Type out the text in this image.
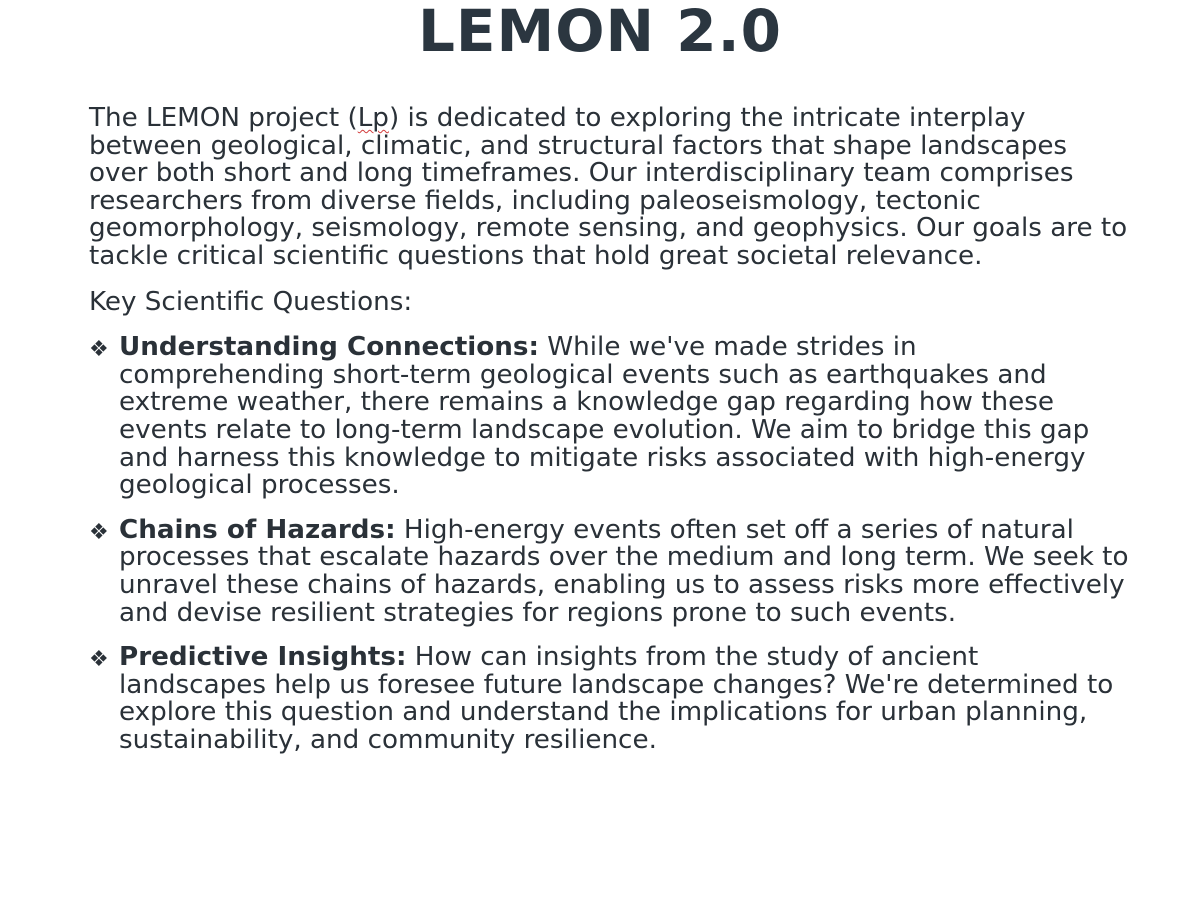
LEMON 2.0

The LEMON project (Lp) is dedicated to exploring the intricate interplay between geological, climatic, and structural factors that shape landscapes over both short and long timeframes. Our interdisciplinary team comprises researchers from diverse fields, including paleoseismology, tectonic geomorphology, seismology, remote sensing, and geophysics. Our goals are to tackle critical scientific questions that hold great societal relevance.

Key Scientific Questions:

❖ Understanding Connections: While we've made strides in comprehending short-term geological events such as earthquakes and extreme weather, there remains a knowledge gap regarding how these events relate to long-term landscape evolution. We aim to bridge this gap and harness this knowledge to mitigate risks associated with high-energy geological processes.
❖ Chains of Hazards: High-energy events often set off a series of natural processes that escalate hazards over the medium and long term. We seek to unravel these chains of hazards, enabling us to assess risks more effectively and devise resilient strategies for regions prone to such events.
❖ Predictive Insights: How can insights from the study of ancient landscapes help us foresee future landscape changes? We're determined to explore this question and understand the implications for urban planning, sustainability, and community resilience.
